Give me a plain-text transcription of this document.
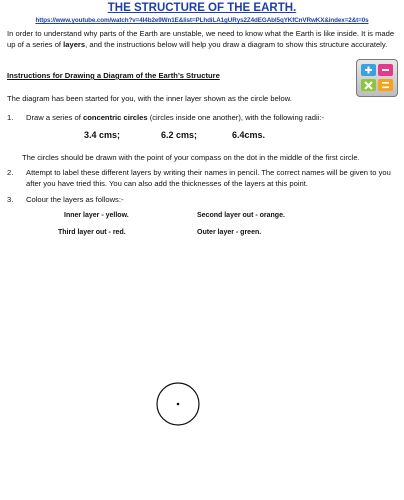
THE STRUCTURE OF THE EARTH.
https://www.youtube.com/watch?v=4l4b2e9Wn1E&list=PLhdiLA1gURys2Z4dEGAbl5qYKfCnVRwKX&index=2&t=0s
In order to understand why parts of the Earth are unstable, we need to know what the Earth is like inside. It is made up of a series of layers, and the instructions below will help you draw a diagram to show this structure accurately.
Instructions for Drawing a Diagram of the Earth’s Structure
The diagram has been started for you, with the inner layer shown as the circle below.
1. Draw a series of concentric circles (circles inside one another), with the following radii:-
3.4 cms;	6.2 cms;	6.4cms.
The circles should be drawn with the point of your compass on the dot in the middle of the first circle.
2. Attempt to label these different layers by writing their names in pencil. The correct names will be given to you after you have tried this. You can also add the thicknesses of the layers at this point.
3. Colour the layers as follows:-
Inner layer - yellow.	Second layer out - orange.
Third layer out - red.	Outer layer - green.
